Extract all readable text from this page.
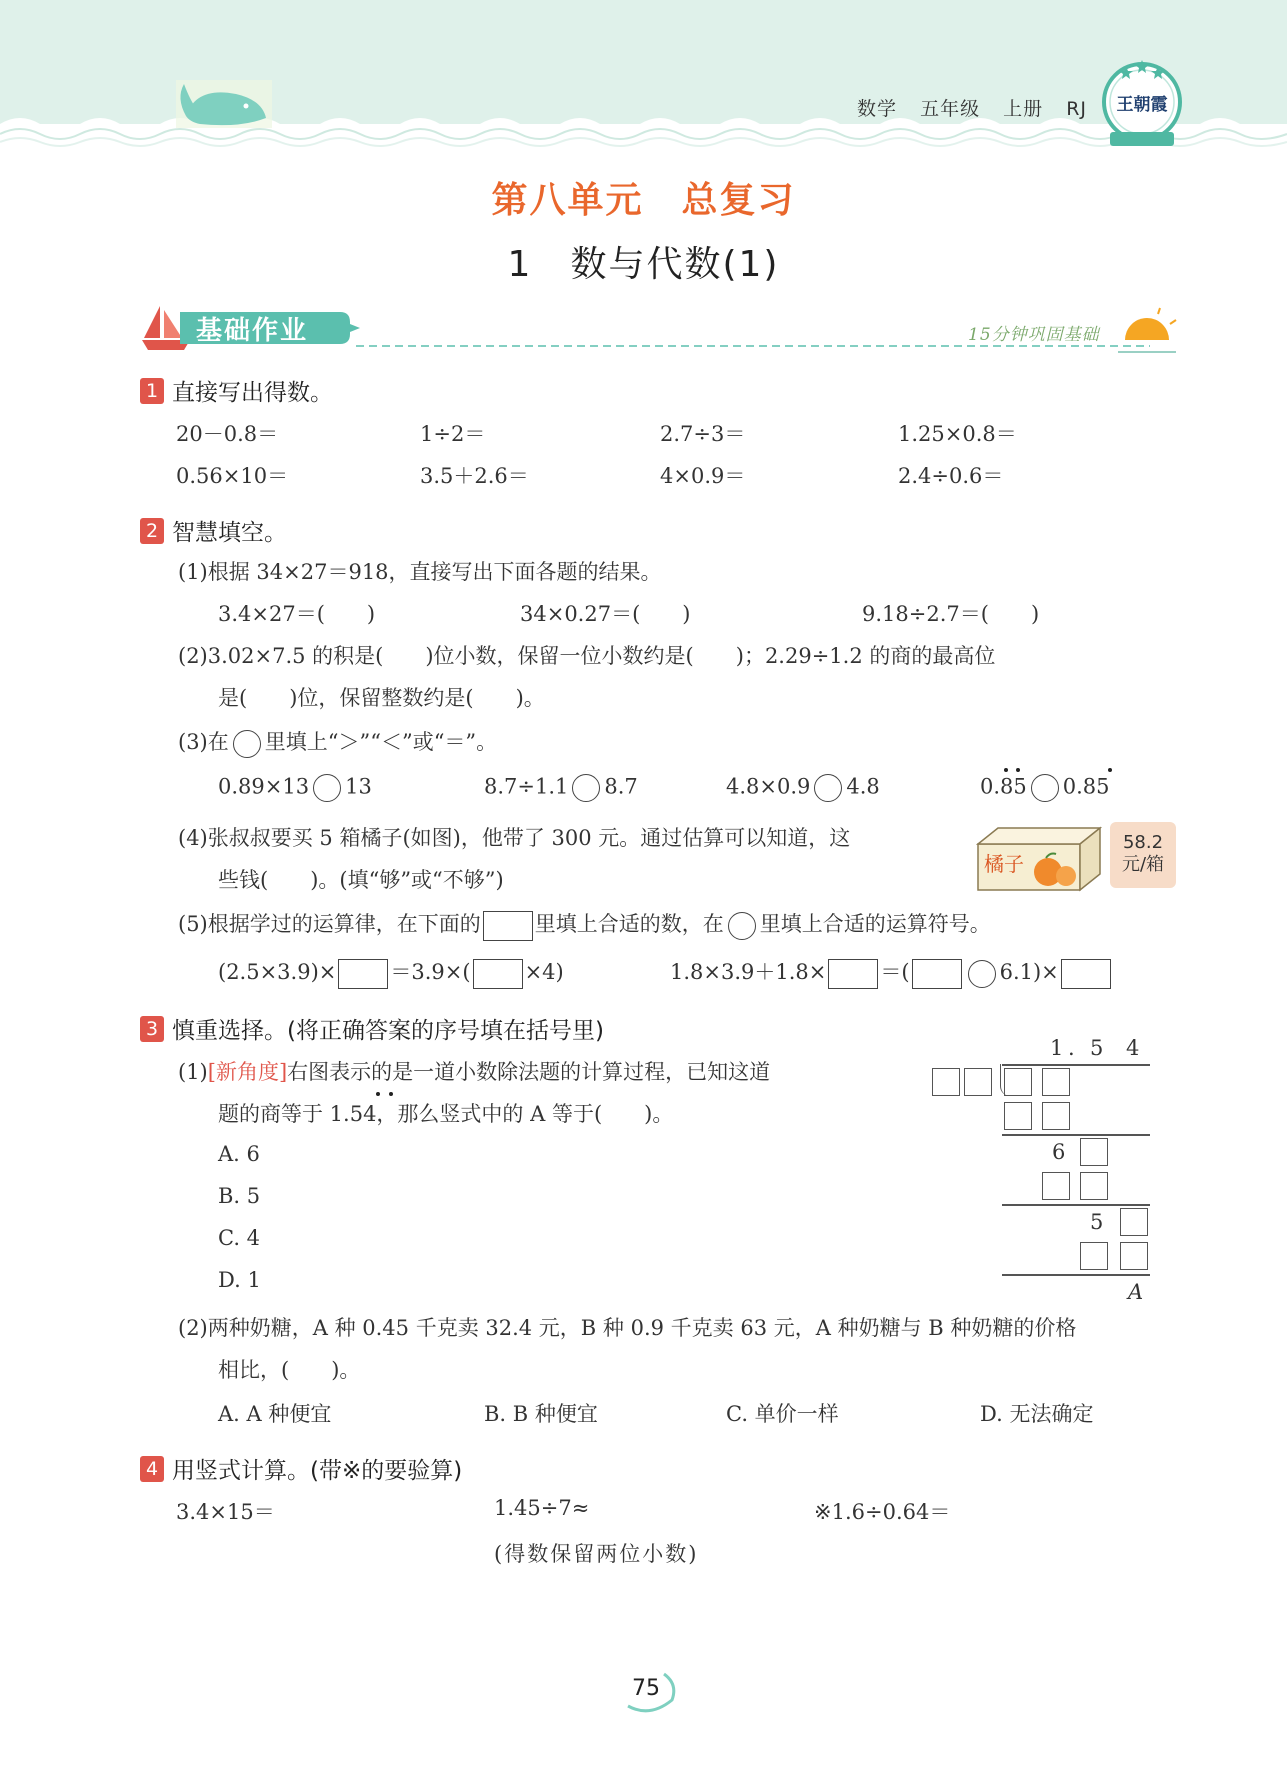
数学 五年级 上册 RJ	王朝霞
第八单元　总复习
1　数与代数(1)
基础作业	15分钟巩固基础
1 直接写出得数。
20－0.8＝	1÷2＝	2.7÷3＝	1.25×0.8＝
0.56×10＝	3.5＋2.6＝	4×0.9＝	2.4÷0.6＝
2 智慧填空。
(1)根据 34×27＝918，直接写出下面各题的结果。
3.4×27＝(　　)	34×0.27＝(　　)	9.18÷2.7＝(　　)
(2)3.02×7.5 的积是(　　)位小数，保留一位小数约是(　　)；2.29÷1.2 的商的最高位
是(　　)位，保留整数约是(　　)。
(3)在 里填上“＞”“＜”或“＝”。
0.89×13 13	8.7÷1.1 8.7	4.8×0.9 4.8	0.85 0.85
(4)张叔叔要买 5 箱橘子(如图)，他带了 300 元。通过估算可以知道，这
些钱(　　)。(填“够”或“不够”)
橘子
58.2
元/箱
(5)根据学过的运算律，在下面的	里填上合适的数，在 里填上合适的运算符号。
(2.5×3.9)×	＝3.9×(	×4)	1.8×3.9＋1.8×	＝(	6.1)×
3 慎重选择。(将正确答案的序号填在括号里)
(1)[新角度]右图表示的是一道小数除法题的计算过程，已知这道
题的商等于 1.54，那么竖式中的 A 等于(　　)。
A. 6
B. 5
C. 4
D. 1
1 . 5 4
6
5
A
(2)两种奶糖，A 种 0.45 千克卖 32.4 元，B 种 0.9 千克卖 63 元，A 种奶糖与 B 种奶糖的价格
相比，(　　)。
A. A 种便宜	B. B 种便宜	C. 单价一样	D. 无法确定
4 用竖式计算。(带※的要验算)
3.4×15＝	1.45÷7≈	※1.6÷0.64＝
(得数保留两位小数)
75
